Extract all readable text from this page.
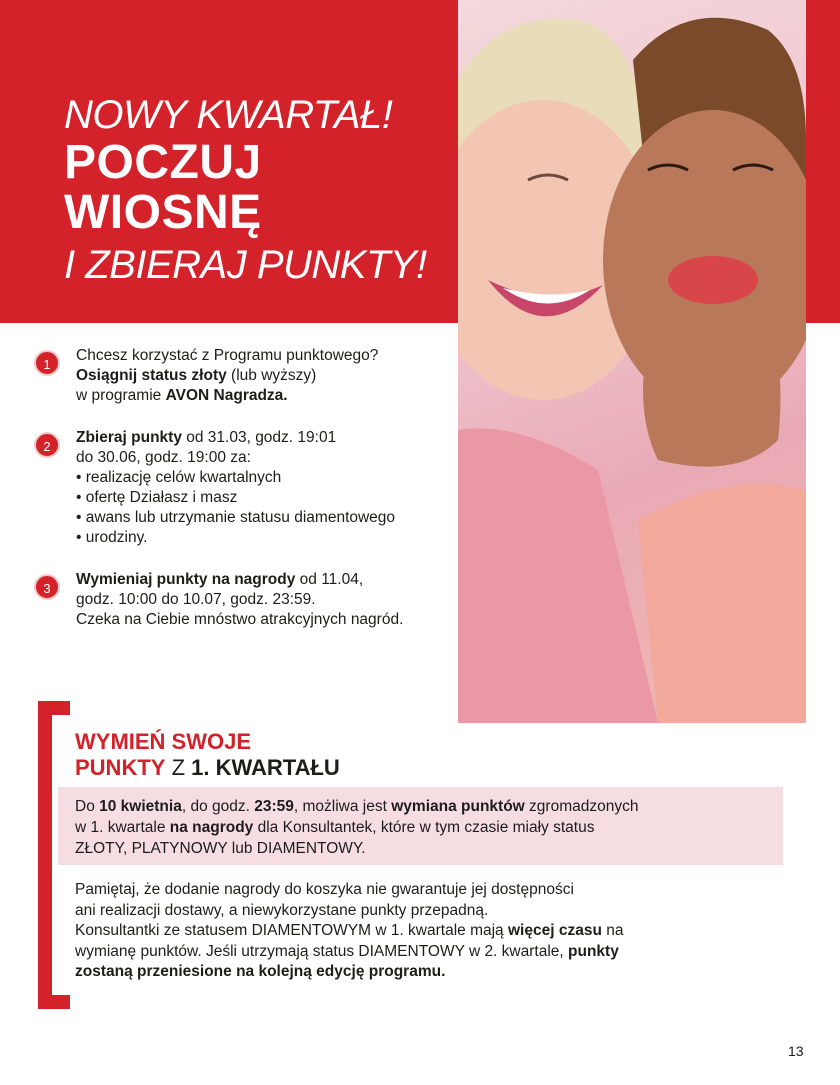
NOWY KWARTAŁ!
POCZUJ
WIOSNĘ
I ZBIERAJ PUNKTY!
1
Chcesz korzystać z Programu punktowego?
Osiągnij status złoty (lub wyższy)
w programie AVON Nagradza.
2
Zbieraj punkty od 31.03, godz. 19:01
do 30.06, godz. 19:00 za:
• realizację celów kwartalnych
• ofertę Działasz i masz
• awans lub utrzymanie statusu diamentowego
• urodziny.
3
Wymieniaj punkty na nagrody od 11.04,
godz. 10:00 do 10.07, godz. 23:59.
Czeka na Ciebie mnóstwo atrakcyjnych nagród.
WYMIEŃ SWOJE
PUNKTY Z 1. KWARTAŁU
Do 10 kwietnia, do godz. 23:59, możliwa jest wymiana punktów zgromadzonych
w 1. kwartale na nagrody dla Konsultantek, które w tym czasie miały status
ZŁOTY, PLATYNOWY lub DIAMENTOWY.
Pamiętaj, że dodanie nagrody do koszyka nie gwarantuje jej dostępności
ani realizacji dostawy, a niewykorzystane punkty przepadną.
Konsultantki ze statusem DIAMENTOWYM w 1. kwartale mają więcej czasu na
wymianę punktów. Jeśli utrzymają status DIAMENTOWY w 2. kwartale, punkty
zostaną przeniesione na kolejną edycję programu.
13
